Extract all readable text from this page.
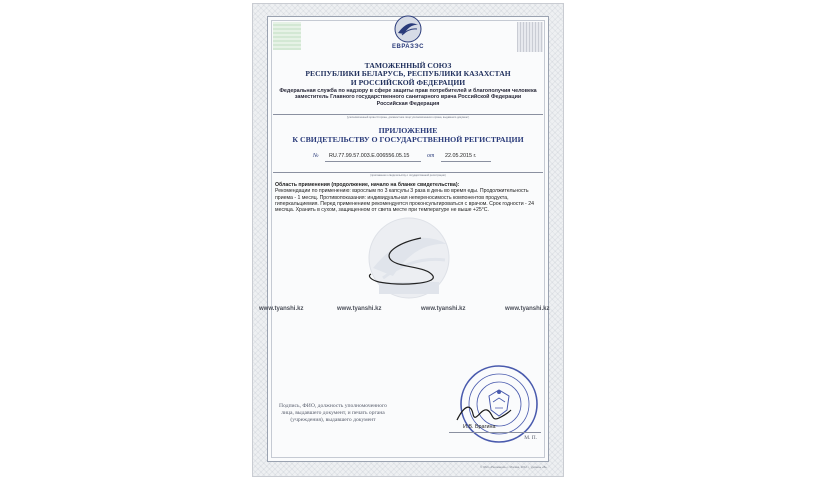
ЕВРАЗЭС
ТАМОЖЕННЫЙ СОЮЗ
РЕСПУБЛИКИ БЕЛАРУСЬ, РЕСПУБЛИКИ КАЗАХСТАН
И РОССИЙСКОЙ ФЕДЕРАЦИИ
Федеральная служба по надзору в сфере защиты прав потребителей и благополучия человека
заместитель Главного государственного санитарного врача Российской Федерации
Российская Федерация
(уполномоченный орган Стороны, должностное лицо уполномоченного органа, выдавшего документ)
ПРИЛОЖЕНИЕ
К СВИДЕТЕЛЬСТВУ О ГОСУДАРСТВЕННОЙ РЕГИСТРАЦИИ
№ RU.77.99.57.003.Е.006556.05.15	от 22.05.2015 г.
(приложение к свидетельству о государственной регистрации)
Область применения (продолжение, начало на бланке свидетельства):
Рекомендации по применению: взрослым по 3 капсулы 3 раза в день во время еды. Продолжительность приема - 1 месяц. Противопоказания: индивидуальная непереносимость компонентов продукта, гиперкальциемия. Перед применением рекомендуется проконсультироваться с врачом. Срок годности - 24 месяца. Хранить в сухом, защищенном от света месте при температуре не выше +25°С.
www.tyanshi.kz	www.tyanshi.kz	www.tyanshi.kz	www.tyanshi.kz
Подпись, ФИО, должность уполномоченного лица, выдавшего документ, и печать органа (учреждения), выдавшего документ
И.В. Брагина
М. П.
© ЗАО «Реновация» г. Москва, 2012 г., уровень «В»
